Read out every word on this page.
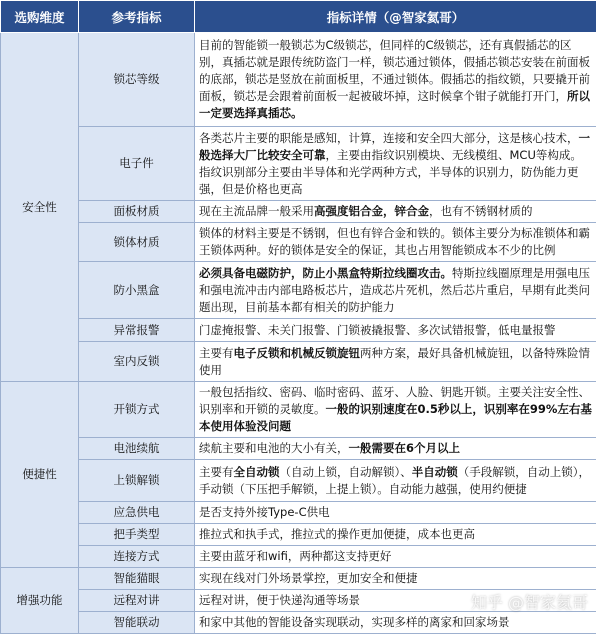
选购维度	参考指标	指标详情（@智家氦哥）
安全性	锁芯等级	目前的智能锁一般锁芯为C级锁芯，但同样的C级锁芯，还有真假插芯的区别，真插芯就是跟传统防盗门一样，锁芯通过锁体，假插芯锁芯安装在前面板的底部，锁芯是竖放在前面板里，不通过锁体。假插芯的指纹锁，只要撬开前面板，锁芯是会跟着前面板一起被破坏掉，这时候拿个钳子就能打开门，所以一定要选择真插芯。
	电子件	各类芯片主要的职能是感知，计算，连接和安全四大部分，这是核心技术，一般选择大厂比较安全可靠，主要由指纹识别模块、无线模组、MCU等构成。指纹识别部分主要由半导体和光学两种方式，半导体的识别力，防伪能力更强，但是价格也更高
	面板材质	现在主流品牌一般采用高强度铝合金，锌合金，也有不锈钢材质的
	锁体材质	锁体的材料主要是不锈钢，但也有锌合金和铁的。锁体主要分为标准锁体和霸王锁体两种。好的锁体是安全的保证，其也占用智能锁成本不少的比例
	防小黑盒	必须具备电磁防护，防止小黑盒特斯拉线圈攻击。特斯拉线圈原理是用强电压和强电流冲击内部电路板芯片，造成芯片死机，然后芯片重启，早期有此类问题出现，目前基本都有相关的防护能力
	异常报警	门虚掩报警、未关门报警、门锁被撬报警、多次试错报警，低电量报警
	室内反锁	主要有电子反锁和机械反锁旋钮两种方案，最好具备机械旋钮，以备特殊险情使用
便捷性	开锁方式	一般包括指纹、密码、临时密码、蓝牙、人脸、钥匙开锁。主要关注安全性、识别率和开锁的灵敏度。一般的识别速度在0.5秒以上，识别率在99%左右基本使用体验没问题
	电池续航	续航主要和电池的大小有关，一般需要在6个月以上
	上锁解锁	主要有全自动锁（自动上锁，自动解锁）、半自动锁（手段解锁，自动上锁），手动锁（下压把手解锁，上提上锁）。自动能力越强，使用约便捷
	应急供电	是否支持外接Type-C供电
	把手类型	推拉式和执手式，推拉式的操作更加便捷，成本也更高
	连接方式	主要由蓝牙和wifi，两种都这支持更好
增强功能	智能猫眼	实现在线对门外场景掌控，更加安全和便捷
	远程对讲	远程对讲，便于快递沟通等场景
	智能联动	和家中其他的智能设备实现联动，实现多样的离家和回家场景
知乎 @智家氦哥
